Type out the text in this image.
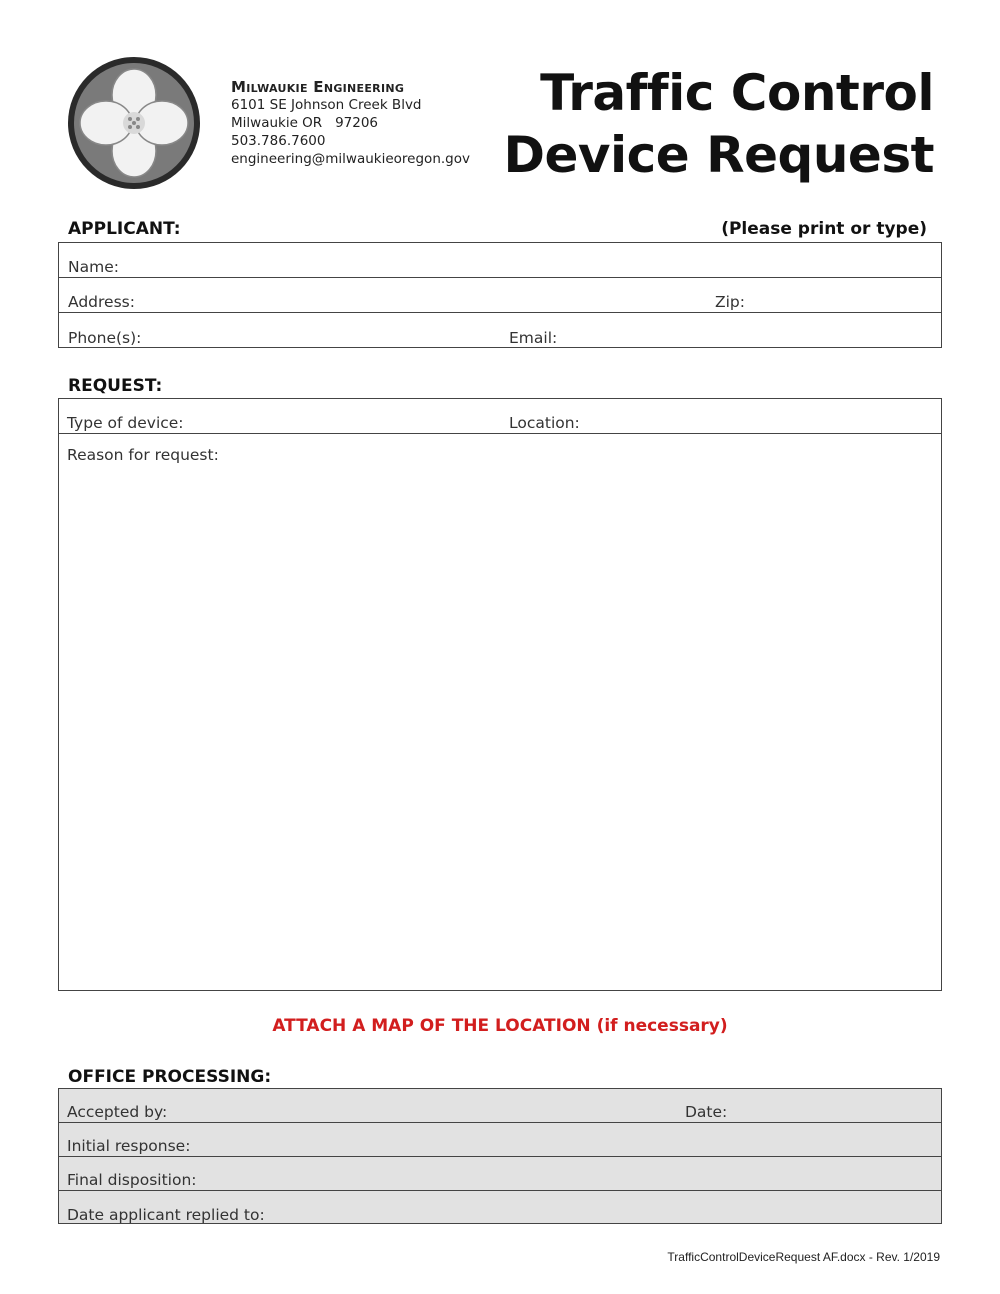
Milwaukie Engineering
6101 SE Johnson Creek Blvd
Milwaukie OR   97206
503.786.7600
engineering@milwaukieoregon.gov
Traffic Control
Device Request
APPLICANT:	(Please print or type)
Name:
Address:	Zip:
Phone(s):	Email:
REQUEST:
Type of device:	Location:
Reason for request:
ATTACH A MAP OF THE LOCATION (if necessary)
OFFICE PROCESSING:
Accepted by:	Date:
Initial response:
Final disposition:
Date applicant replied to:
TrafficControlDeviceRequest AF.docx - Rev. 1/2019
